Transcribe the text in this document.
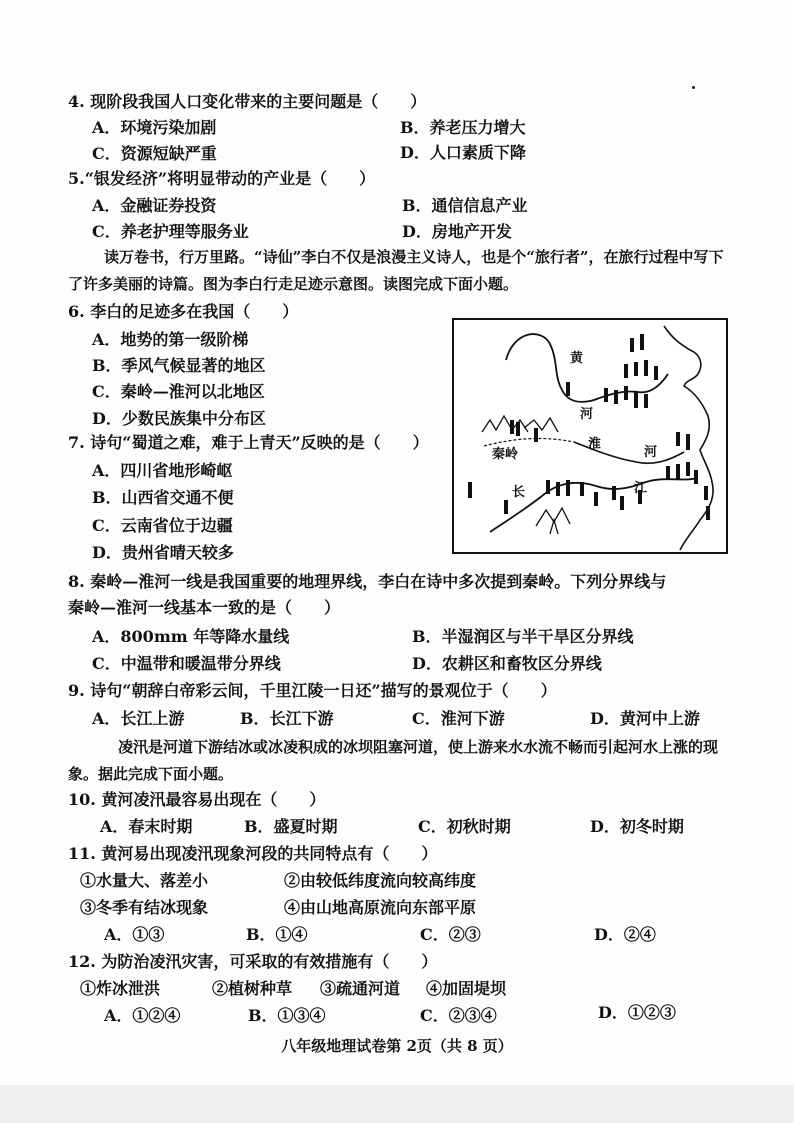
4. 现阶段我国人口变化带来的主要问题是（　　）
A．环境污染加剧	B．养老压力增大
C．资源短缺严重	D．人口素质下降
5.“银发经济”将明显带动的产业是（　　）
A．金融证券投资	B．通信信息产业
C．养老护理等服务业	D．房地产开发
读万卷书，行万里路。“诗仙”李白不仅是浪漫主义诗人，也是个“旅行者”，在旅行过程中写下了许多美丽的诗篇。图为李白行走足迹示意图。读图完成下面小题。
6. 李白的足迹多在我国（　　）
A．地势的第一级阶梯
B．季风气候显著的地区
C．秦岭—淮河以北地区
D．少数民族集中分布区
7. 诗句“蜀道之难，难于上青天”反映的是（　　）
A．四川省地形崎岖
B．山西省交通不便
C．云南省位于边疆
D．贵州省晴天较多
黄
河
秦岭
淮
河
长	江
8. 秦岭—淮河一线是我国重要的地理界线，李白在诗中多次提到秦岭。下列分界线与
秦岭—淮河一线基本一致的是（　　）
A．800mm 年等降水量线	B．半湿润区与半干旱区分界线
C．中温带和暖温带分界线	D．农耕区和畜牧区分界线
9. 诗句“朝辞白帝彩云间，千里江陵一日还”描写的景观位于（　　）
A．长江上游	B．长江下游	C．淮河下游	D．黄河中上游
凌汛是河道下游结冰或冰凌积成的冰坝阻塞河道，使上游来水水流不畅而引起河水上涨的现象。据此完成下面小题。
10. 黄河凌汛最容易出现在（　　）
A．春末时期	B．盛夏时期	C．初秋时期	D．初冬时期
11. 黄河易出现凌汛现象河段的共同特点有（　　）
①水量大、落差小	②由较低纬度流向较高纬度
③冬季有结冰现象	④由山地高原流向东部平原
A．①③	B．①④	C．②③	D．②④
12. 为防治凌汛灾害，可采取的有效措施有（　　）
①炸冰泄洪	②植树种草 ③疏通河道 ④加固堤坝
A．①②④	B．①③④	C．②③④	D．①②③
八年级地理试卷第 2页（共 8 页）
